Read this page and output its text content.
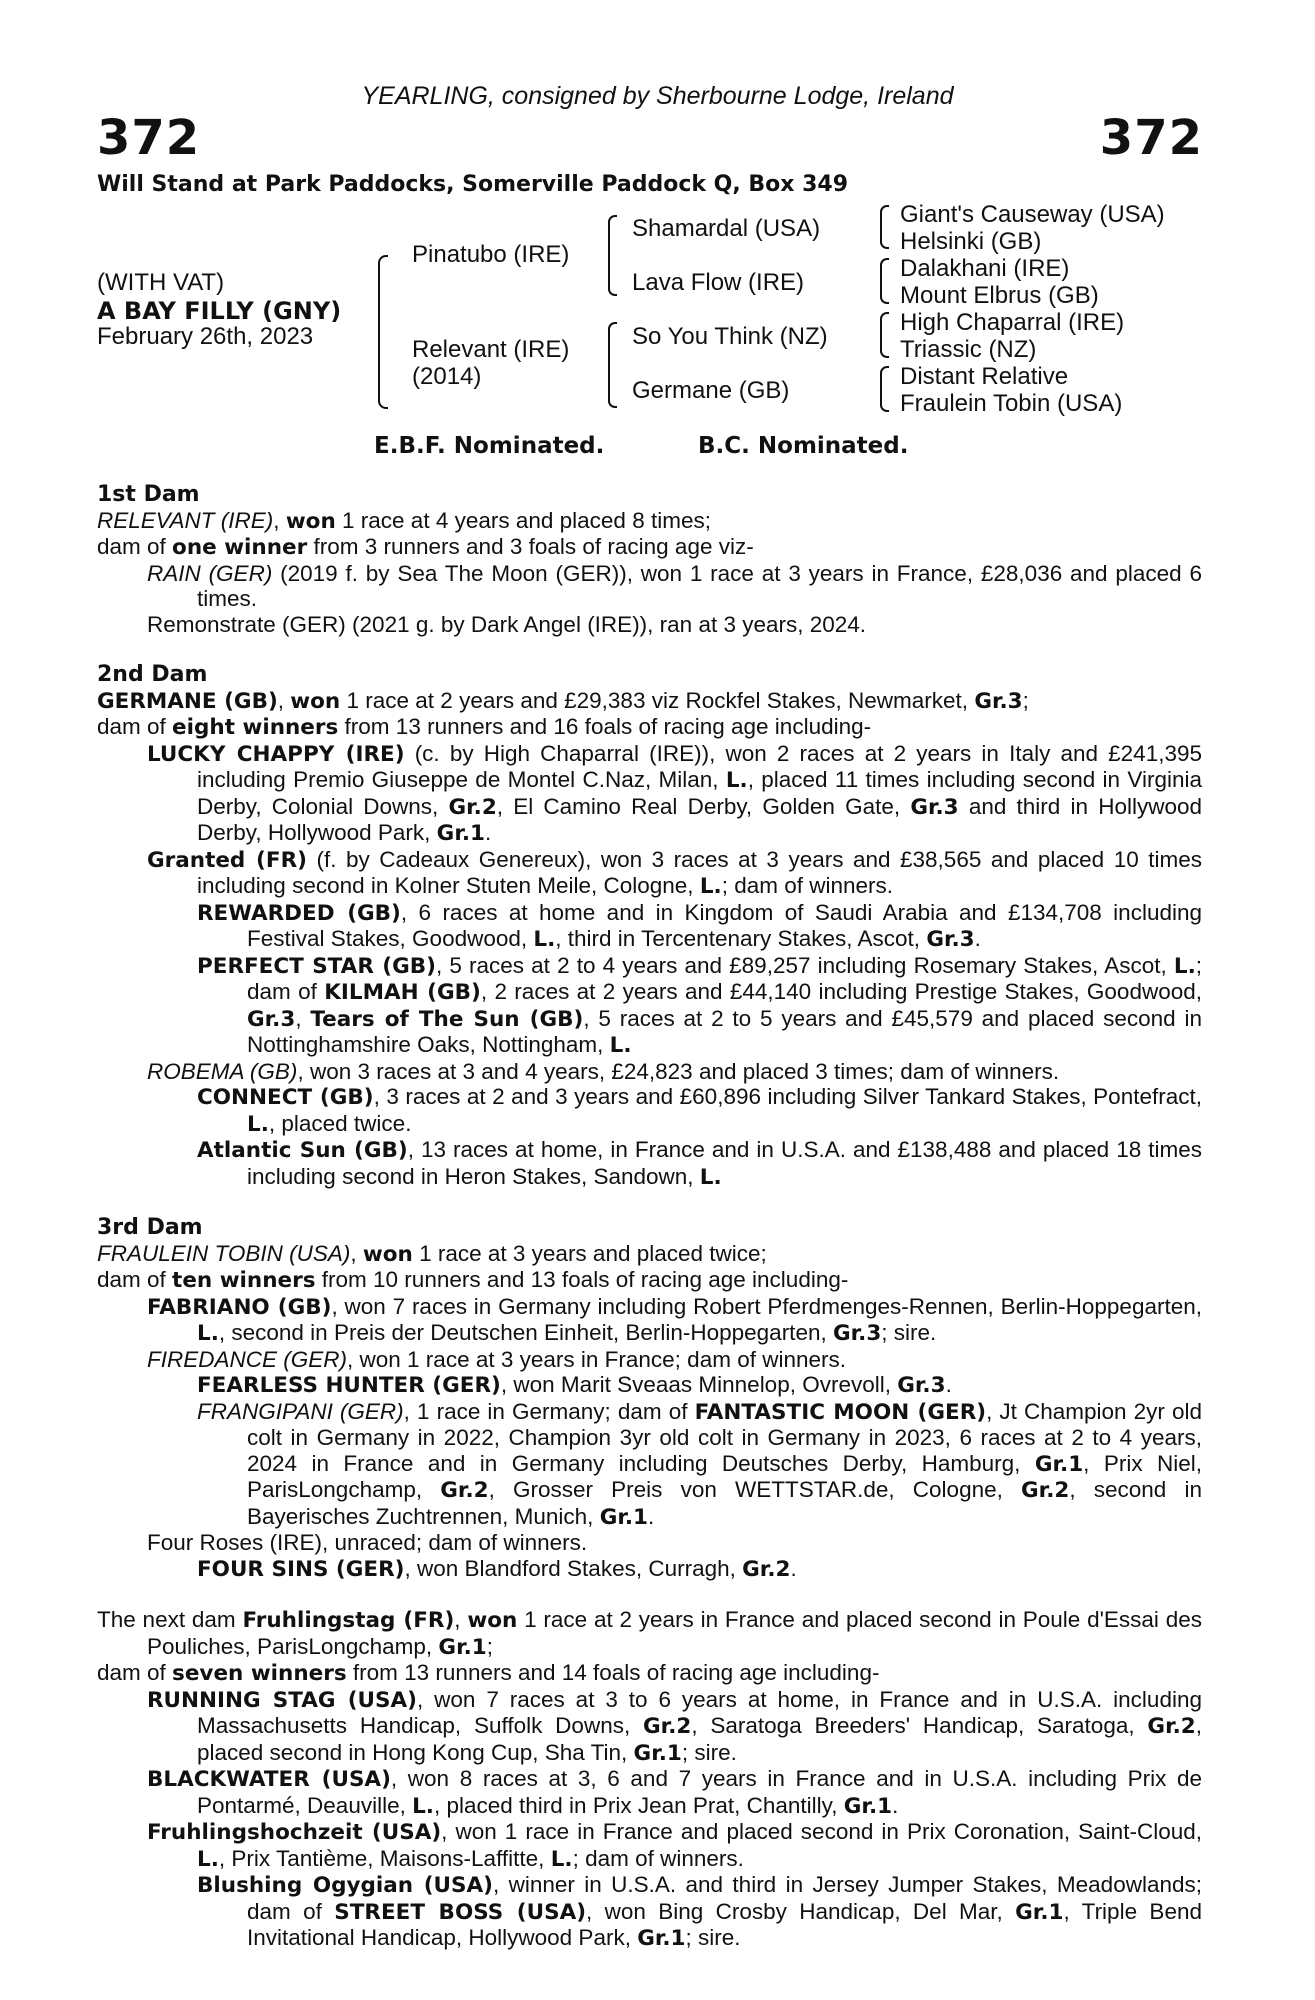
YEARLING, consigned by Sherbourne Lodge, Ireland
372	372
Will Stand at Park Paddocks, Somerville Paddock Q, Box 349
(WITH VAT)
A BAY FILLY (GNY)
February 26th, 2023
Pinatubo (IRE)
Relevant (IRE)
(2014)
Shamardal (USA)
Lava Flow (IRE)
So You Think (NZ)
Germane (GB)
Giant's Causeway (USA)
Helsinki (GB)
Dalakhani (IRE)
Mount Elbrus (GB)
High Chaparral (IRE)
Triassic (NZ)
Distant Relative
Fraulein Tobin (USA)
E.B.F. Nominated.	B.C. Nominated.
1st Dam
RELEVANT (IRE), won 1 race at 4 years and placed 8 times;
dam of one winner from 3 runners and 3 foals of racing age viz-
RAIN (GER) (2019 f. by Sea The Moon (GER)), won 1 race at 3 years in France, £28,036 and placed 6 times.
Remonstrate (GER) (2021 g. by Dark Angel (IRE)), ran at 3 years, 2024.
2nd Dam
GERMANE (GB), won 1 race at 2 years and £29,383 viz Rockfel Stakes, Newmarket, Gr.3;
dam of eight winners from 13 runners and 16 foals of racing age including-
LUCKY CHAPPY (IRE) (c. by High Chaparral (IRE)), won 2 races at 2 years in Italy and £241,395 including Premio Giuseppe de Montel C.Naz, Milan, L., placed 11 times including second in Virginia Derby, Colonial Downs, Gr.2, El Camino Real Derby, Golden Gate, Gr.3 and third in Hollywood Derby, Hollywood Park, Gr.1.
Granted (FR) (f. by Cadeaux Genereux), won 3 races at 3 years and £38,565 and placed 10 times including second in Kolner Stuten Meile, Cologne, L.; dam of winners.
REWARDED (GB), 6 races at home and in Kingdom of Saudi Arabia and £134,708 including Festival Stakes, Goodwood, L., third in Tercentenary Stakes, Ascot, Gr.3.
PERFECT STAR (GB), 5 races at 2 to 4 years and £89,257 including Rosemary Stakes, Ascot, L.; dam of KILMAH (GB), 2 races at 2 years and £44,140 including Prestige Stakes, Goodwood, Gr.3, Tears of The Sun (GB), 5 races at 2 to 5 years and £45,579 and placed second in Nottinghamshire Oaks, Nottingham, L.
ROBEMA (GB), won 3 races at 3 and 4 years, £24,823 and placed 3 times; dam of winners.
CONNECT (GB), 3 races at 2 and 3 years and £60,896 including Silver Tankard Stakes, Pontefract, L., placed twice.
Atlantic Sun (GB), 13 races at home, in France and in U.S.A. and £138,488 and placed 18 times including second in Heron Stakes, Sandown, L.
3rd Dam
FRAULEIN TOBIN (USA), won 1 race at 3 years and placed twice;
dam of ten winners from 10 runners and 13 foals of racing age including-
FABRIANO (GB), won 7 races in Germany including Robert Pferdmenges-Rennen, Berlin-Hoppegarten, L., second in Preis der Deutschen Einheit, Berlin-Hoppegarten, Gr.3; sire.
FIREDANCE (GER), won 1 race at 3 years in France; dam of winners.
FEARLESS HUNTER (GER), won Marit Sveaas Minnelop, Ovrevoll, Gr.3.
FRANGIPANI (GER), 1 race in Germany; dam of FANTASTIC MOON (GER), Jt Champion 2yr old colt in Germany in 2022, Champion 3yr old colt in Germany in 2023, 6 races at 2 to 4 years, 2024 in France and in Germany including Deutsches Derby, Hamburg, Gr.1, Prix Niel, ParisLongchamp, Gr.2, Grosser Preis von WETTSTAR.de, Cologne, Gr.2, second in Bayerisches Zuchtrennen, Munich, Gr.1.
Four Roses (IRE), unraced; dam of winners.
FOUR SINS (GER), won Blandford Stakes, Curragh, Gr.2.
The next dam Fruhlingstag (FR), won 1 race at 2 years in France and placed second in Poule d'Essai des Pouliches, ParisLongchamp, Gr.1;
dam of seven winners from 13 runners and 14 foals of racing age including-
RUNNING STAG (USA), won 7 races at 3 to 6 years at home, in France and in U.S.A. including Massachusetts Handicap, Suffolk Downs, Gr.2, Saratoga Breeders' Handicap, Saratoga, Gr.2, placed second in Hong Kong Cup, Sha Tin, Gr.1; sire.
BLACKWATER (USA), won 8 races at 3, 6 and 7 years in France and in U.S.A. including Prix de Pontarmé, Deauville, L., placed third in Prix Jean Prat, Chantilly, Gr.1.
Fruhlingshochzeit (USA), won 1 race in France and placed second in Prix Coronation, Saint-Cloud, L., Prix Tantième, Maisons-Laffitte, L.; dam of winners.
Blushing Ogygian (USA), winner in U.S.A. and third in Jersey Jumper Stakes, Meadowlands; dam of STREET BOSS (USA), won Bing Crosby Handicap, Del Mar, Gr.1, Triple Bend Invitational Handicap, Hollywood Park, Gr.1; sire.
